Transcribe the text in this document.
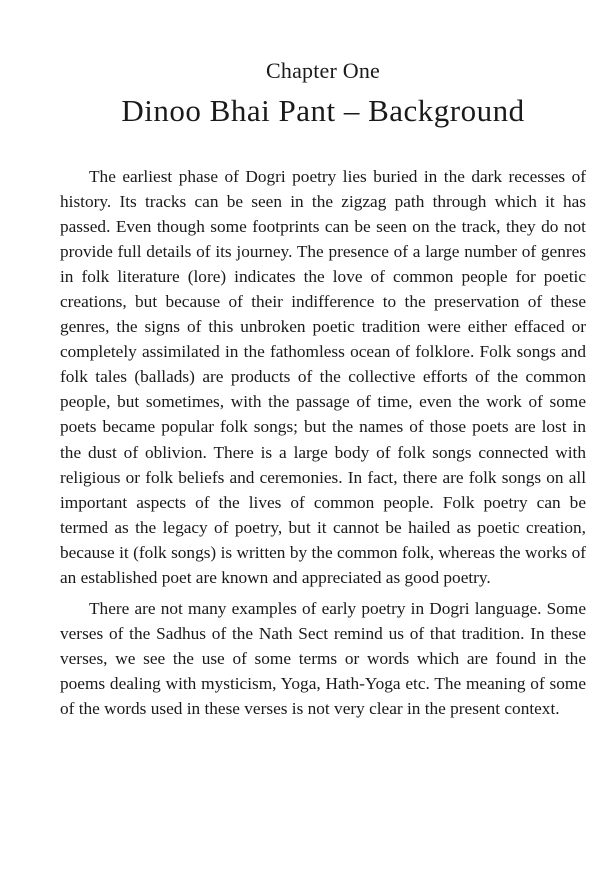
Chapter One
Dinoo Bhai Pant – Background

The earliest phase of Dogri poetry lies buried in the dark recesses of history. Its tracks can be seen in the zigzag path through which it has passed. Even though some footprints can be seen on the track, they do not provide full details of its journey. The presence of a large number of genres in folk literature (lore) indicates the love of common people for poetic creations, but because of their indifference to the preservation of these genres, the signs of this unbroken poetic tradition were either effaced or completely assimilated in the fathomless ocean of folklore. Folk songs and folk tales (ballads) are products of the collective efforts of the common people, but sometimes, with the passage of time, even the work of some poets became popular folk songs; but the names of those poets are lost in the dust of oblivion. There is a large body of folk songs connected with religious or folk beliefs and ceremonies. In fact, there are folk songs on all important aspects of the lives of common people. Folk poetry can be termed as the legacy of poetry, but it cannot be hailed as poetic creation, because it (folk songs) is written by the common folk, whereas the works of an established poet are known and appreciated as good poetry.

There are not many examples of early poetry in Dogri language. Some verses of the Sadhus of the Nath Sect remind us of that tradition. In these verses, we see the use of some terms or words which are found in the poems dealing with mysticism, Yoga, Hath-Yoga etc. The meaning of some of the words used in these verses is not very clear in the present context.
